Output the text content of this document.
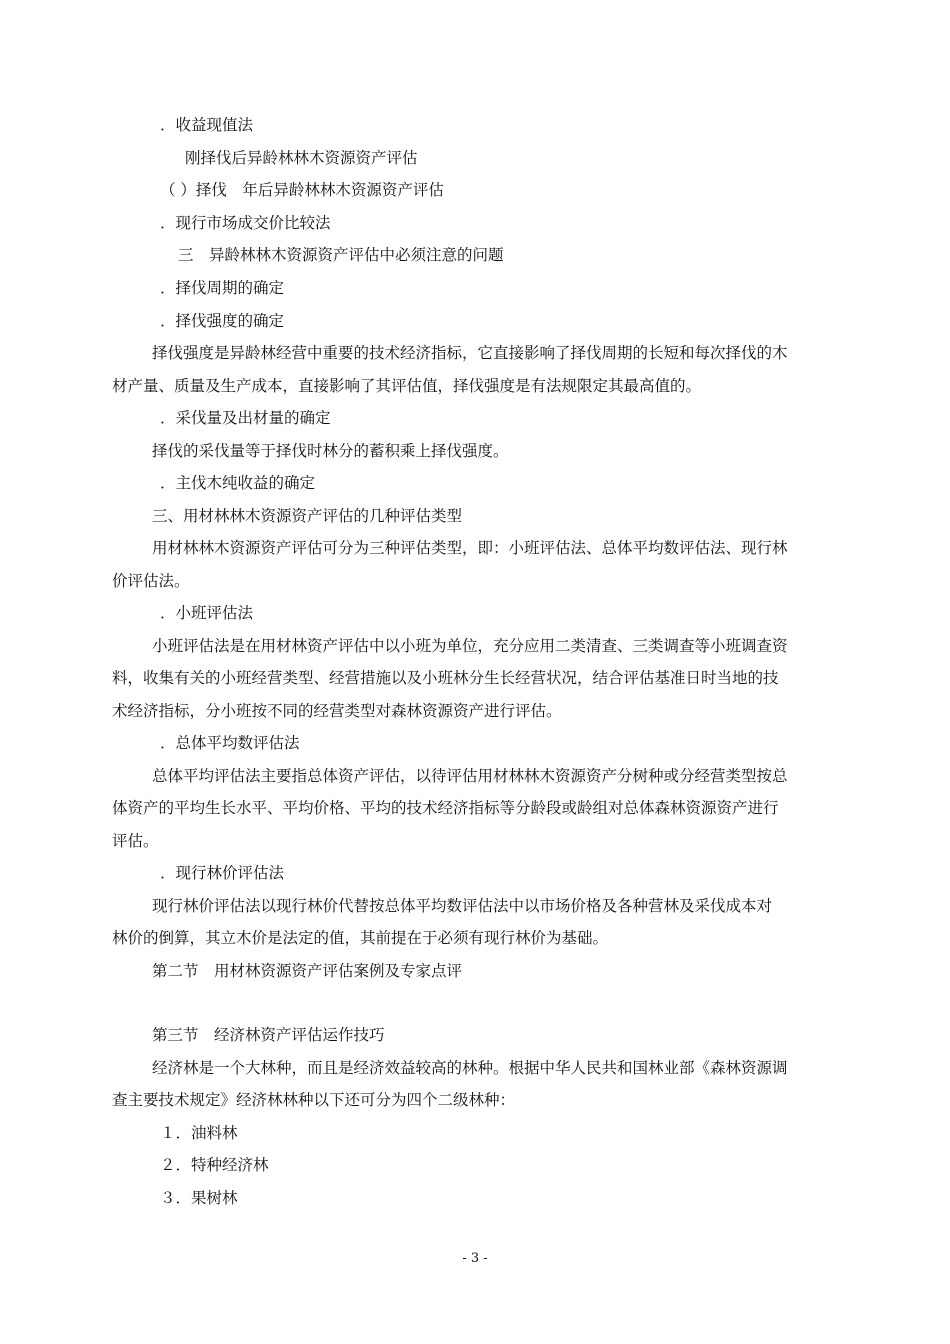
．收益现值法
刚择伐后异龄林林木资源资产评估
（ ）择伐　年后异龄林林木资源资产评估
．现行市场成交价比较法
三　异龄林林木资源资产评估中必须注意的问题
．择伐周期的确定
．择伐强度的确定
择伐强度是异龄林经营中重要的技术经济指标，它直接影响了择伐周期的长短和每次择伐的木
材产量、质量及生产成本，直接影响了其评估值，择伐强度是有法规限定其最高值的。
．采伐量及出材量的确定
择伐的采伐量等于择伐时林分的蓄积乘上择伐强度。
．主伐木纯收益的确定
三、用材林林木资源资产评估的几种评估类型
用材林林木资源资产评估可分为三种评估类型，即：小班评估法、总体平均数评估法、现行林
价评估法。
．小班评估法
小班评估法是在用材林资产评估中以小班为单位，充分应用二类清查、三类调查等小班调查资
料，收集有关的小班经营类型、经营措施以及小班林分生长经营状况，结合评估基准日时当地的技
术经济指标，分小班按不同的经营类型对森林资源资产进行评估。
．总体平均数评估法
总体平均评估法主要指总体资产评估，以待评估用材林林木资源资产分树种或分经营类型按总
体资产的平均生长水平、平均价格、平均的技术经济指标等分龄段或龄组对总体森林资源资产进行
评估。
．现行林价评估法
现行林价评估法以现行林价代替按总体平均数评估法中以市场价格及各种营林及采伐成本对
林价的倒算，其立木价是法定的值，其前提在于必须有现行林价为基础。
第二节　用材林资源资产评估案例及专家点评
第三节　经济林资产评估运作技巧
经济林是一个大林种，而且是经济效益较高的林种。根据中华人民共和国林业部《森林资源调
查主要技术规定》经济林林种以下还可分为四个二级林种：
１．油料林
２．特种经济林
３．果树林
- 3 -
